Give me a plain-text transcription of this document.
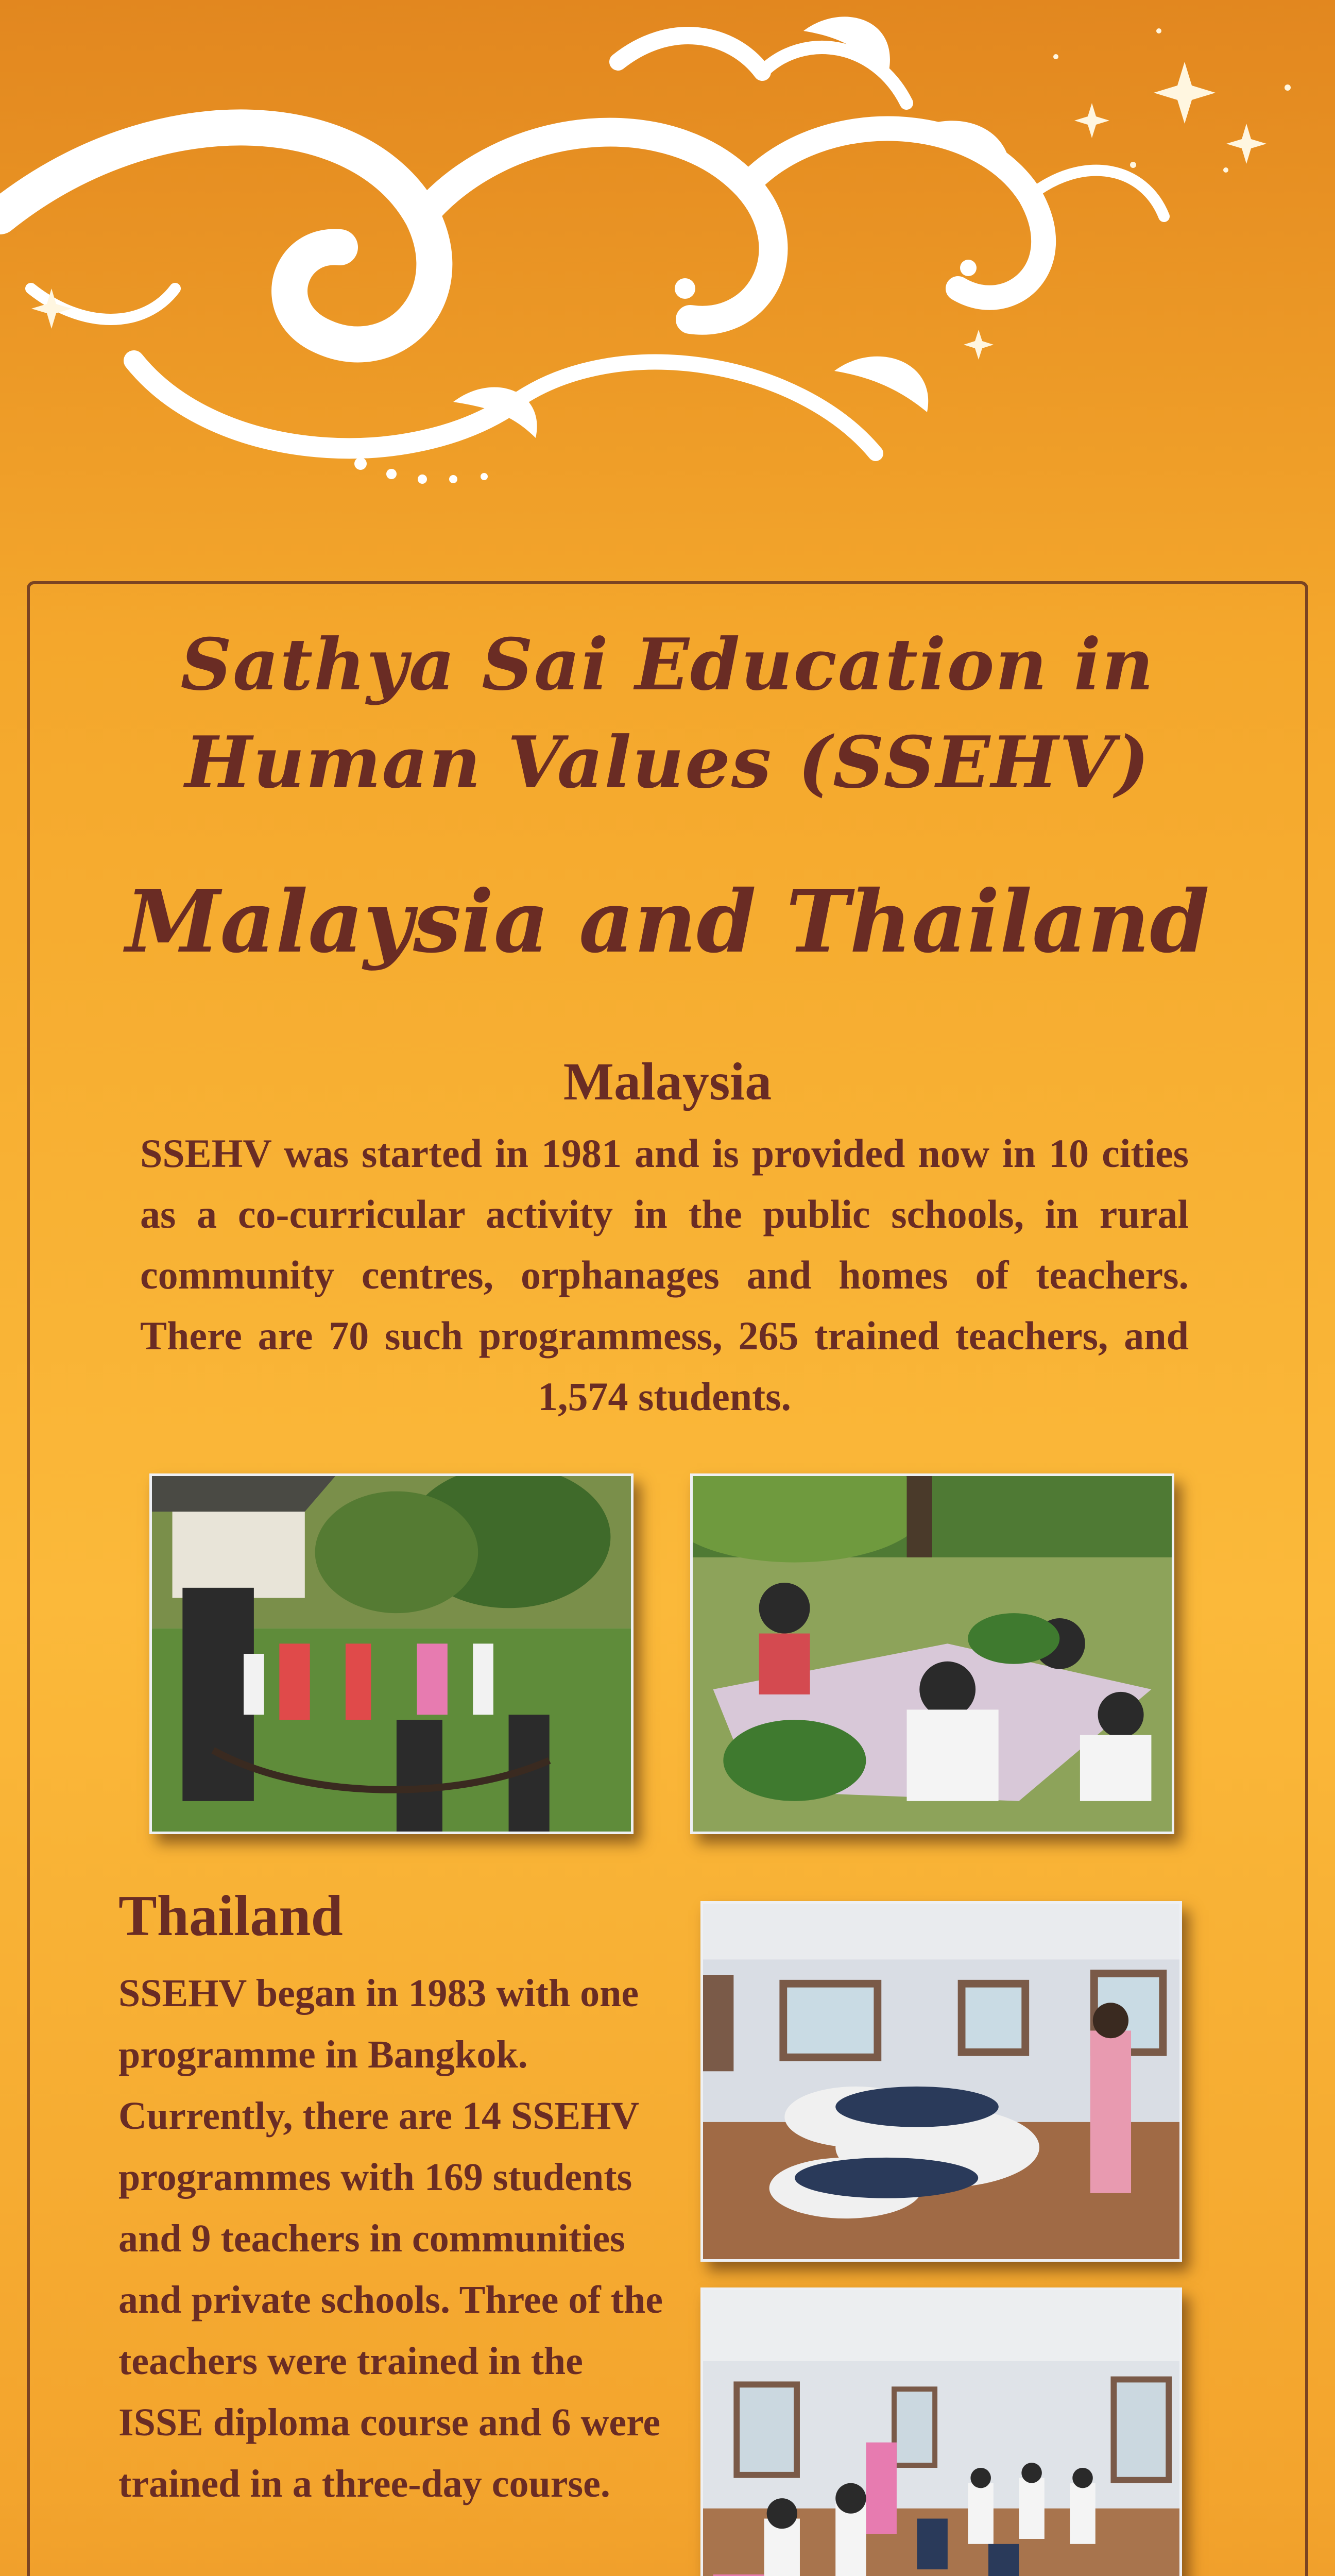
Sathya Sai Education in
Human Values (SSEHV)
Malaysia and Thailand
Malaysia

SSEHV was started in 1981 and is provided now in 10 cities as a co-curricular activity in the public schools, in rural community centres, orphanages and homes of teachers. There are 70 such programmess, 265 trained teachers, and 1,574 students.

Thailand

SSEHV began in 1983 with one programme in Bangkok. Currently, there are 14 SSEHV programmes with 169 students and 9 teachers in communities and private schools. Three of the teachers were trained in the ISSE diploma course and 6 were trained in a three-day course.
